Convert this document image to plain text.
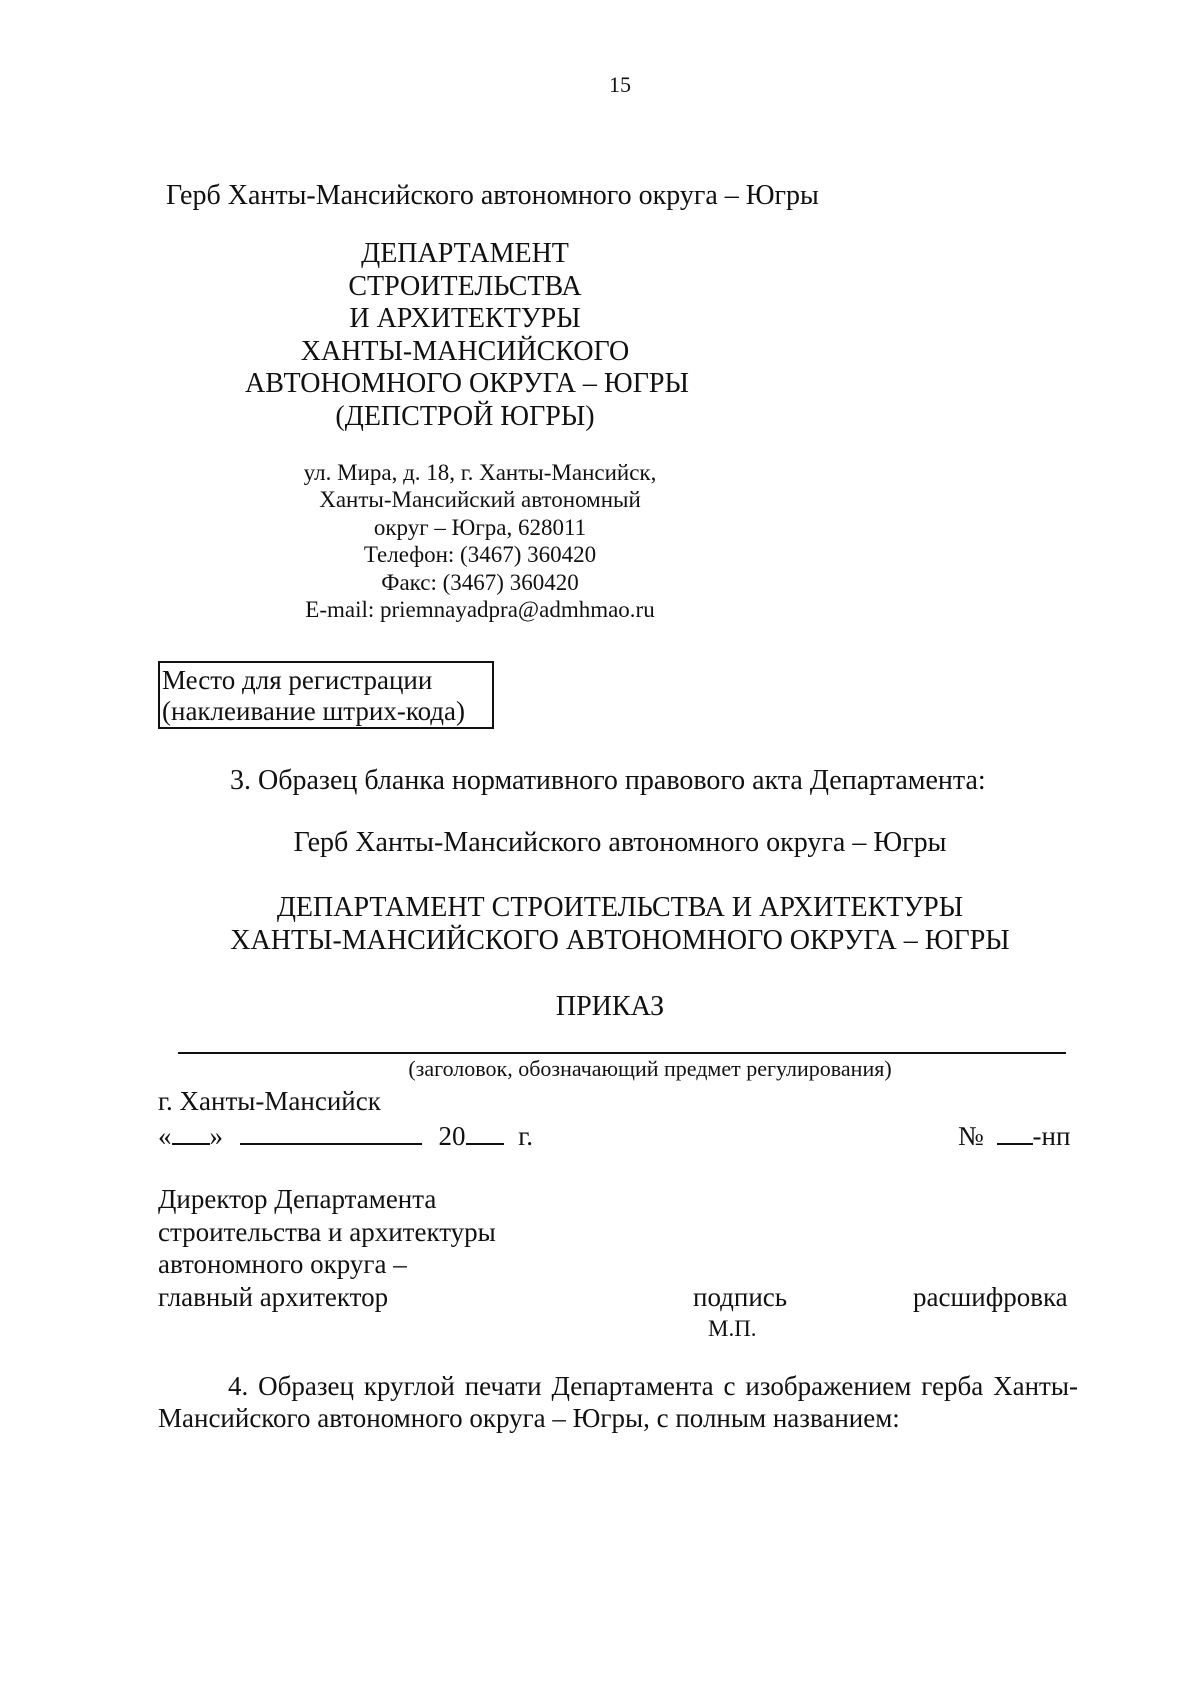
15
Герб Ханты-Мансийского автономного округа – Югры
ДЕПАРТАМЕНТ
СТРОИТЕЛЬСТВА
И АРХИТЕКТУРЫ
ХАНТЫ-МАНСИЙСКОГО
АВТОНОМНОГО ОКРУГА – ЮГРЫ
(ДЕПСТРОЙ ЮГРЫ)
ул. Мира, д. 18, г. Ханты-Мансийск,
Ханты-Мансийский автономный
округ – Югра, 628011
Телефон: (3467) 360420
Факс: (3467) 360420
E-mail: priemnayadpra@admhmao.ru
Место для регистрации
(наклеивание штрих-кода)
3. Образец бланка нормативного правового акта Департамента:
Герб Ханты-Мансийского автономного округа – Югры
ДЕПАРТАМЕНТ СТРОИТЕЛЬСТВА И АРХИТЕКТУРЫ
ХАНТЫ-МАНСИЙСКОГО АВТОНОМНОГО ОКРУГА – ЮГРЫ
ПРИКАЗ
(заголовок, обозначающий предмет регулирования)
г. Ханты-Мансийск
« »	20 г.	№ -нп
Директор Департамента
строительства и архитектуры
автономного округа –
главный архитектор	подпись	расшифровка
М.П.
4. Образец круглой печати Департамента с изображением герба Ханты-Мансийского автономного округа – Югры, с полным названием:
